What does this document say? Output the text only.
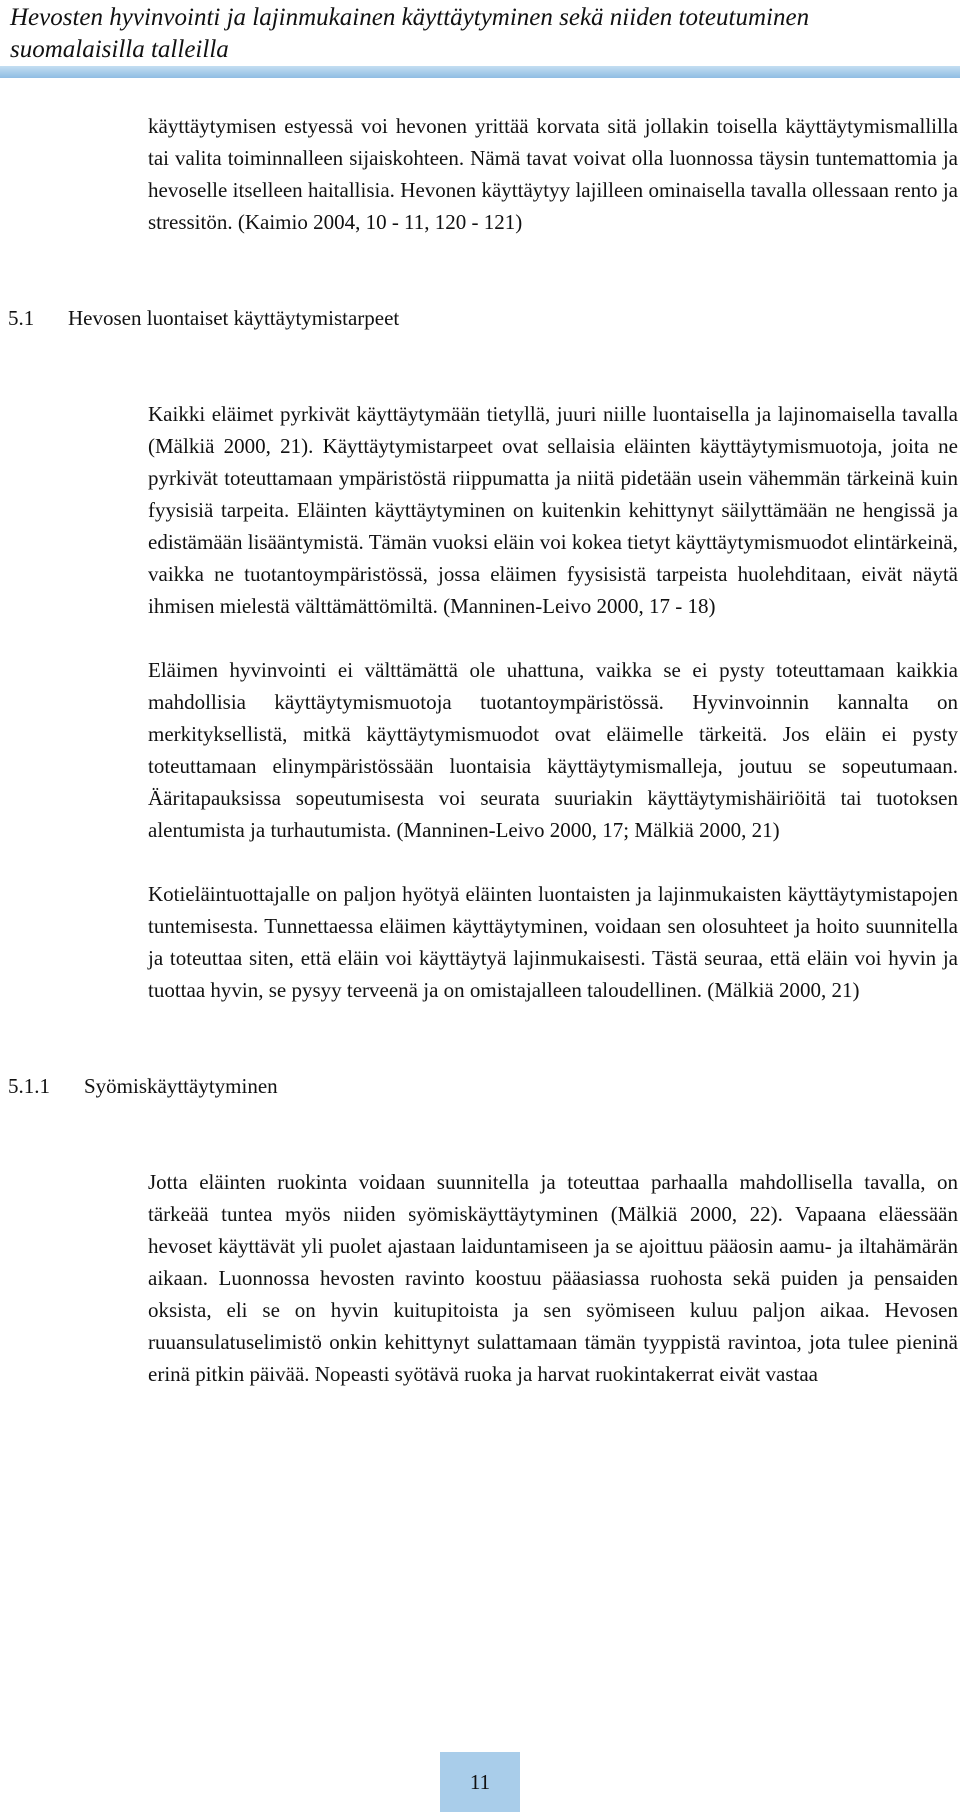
Hevosten hyvinvointi ja lajinmukainen käyttäytyminen sekä niiden toteutuminen suomalaisilla talleilla

käyttäytymisen estyessä voi hevonen yrittää korvata sitä jollakin toisella käyttäytymismallilla tai valita toiminnalleen sijaiskohteen. Nämä tavat voivat olla luonnossa täysin tuntemattomia ja hevoselle itselleen haitallisia. Hevonen käyttäytyy lajilleen ominaisella tavalla ollessaan rento ja stressitön. (Kaimio 2004, 10 - 11, 120 - 121)

5.1	Hevosen luontaiset käyttäytymistarpeet

Kaikki eläimet pyrkivät käyttäytymään tietyllä, juuri niille luontaisella ja lajinomaisella tavalla (Mälkiä 2000, 21). Käyttäytymistarpeet ovat sellaisia eläinten käyttäytymismuotoja, joita ne pyrkivät toteuttamaan ympäristöstä riippumatta ja niitä pidetään usein vähemmän tärkeinä kuin fyysisiä tarpeita. Eläinten käyttäytyminen on kuitenkin kehittynyt säilyttämään ne hengissä ja edistämään lisääntymistä. Tämän vuoksi eläin voi kokea tietyt käyttäytymismuodot elintärkeinä, vaikka ne tuotantoympäristössä, jossa eläimen fyysisistä tarpeista huolehditaan, eivät näytä ihmisen mielestä välttämättömiltä. (Manninen-Leivo 2000, 17 - 18)

Eläimen hyvinvointi ei välttämättä ole uhattuna, vaikka se ei pysty toteuttamaan kaikkia mahdollisia käyttäytymismuotoja tuotantoympäristössä. Hyvinvoinnin kannalta on merkityksellistä, mitkä käyttäytymismuodot ovat eläimelle tärkeitä. Jos eläin ei pysty toteuttamaan elinympäristössään luontaisia käyttäytymismalleja, joutuu se sopeutumaan. Ääritapauksissa sopeutumisesta voi seurata suuriakin käyttäytymishäiriöitä tai tuotoksen alentumista ja turhautumista. (Manninen-Leivo 2000, 17; Mälkiä 2000, 21)

Kotieläintuottajalle on paljon hyötyä eläinten luontaisten ja lajinmukaisten käyttäytymistapojen tuntemisesta. Tunnettaessa eläimen käyttäytyminen, voidaan sen olosuhteet ja hoito suunnitella ja toteuttaa siten, että eläin voi käyttäytyä lajinmukaisesti. Tästä seuraa, että eläin voi hyvin ja tuottaa hyvin, se pysyy terveenä ja on omistajalleen taloudellinen. (Mälkiä 2000, 21)

5.1.1	Syömiskäyttäytyminen

Jotta eläinten ruokinta voidaan suunnitella ja toteuttaa parhaalla mahdollisella tavalla, on tärkeää tuntea myös niiden syömiskäyttäytyminen (Mälkiä 2000, 22). Vapaana eläessään hevoset käyttävät yli puolet ajastaan laiduntamiseen ja se ajoittuu pääosin aamu- ja iltahämärän aikaan. Luonnossa hevosten ravinto koostuu pääasiassa ruohosta sekä puiden ja pensaiden oksista, eli se on hyvin kuitupitoista ja sen syömiseen kuluu paljon aikaa. Hevosen ruuansulatuselimistö onkin kehittynyt sulattamaan tämän tyyppistä ravintoa, jota tulee pieninä erinä pitkin päivää. Nopeasti syötävä ruoka ja harvat ruokintakerrat eivät vastaa

11
